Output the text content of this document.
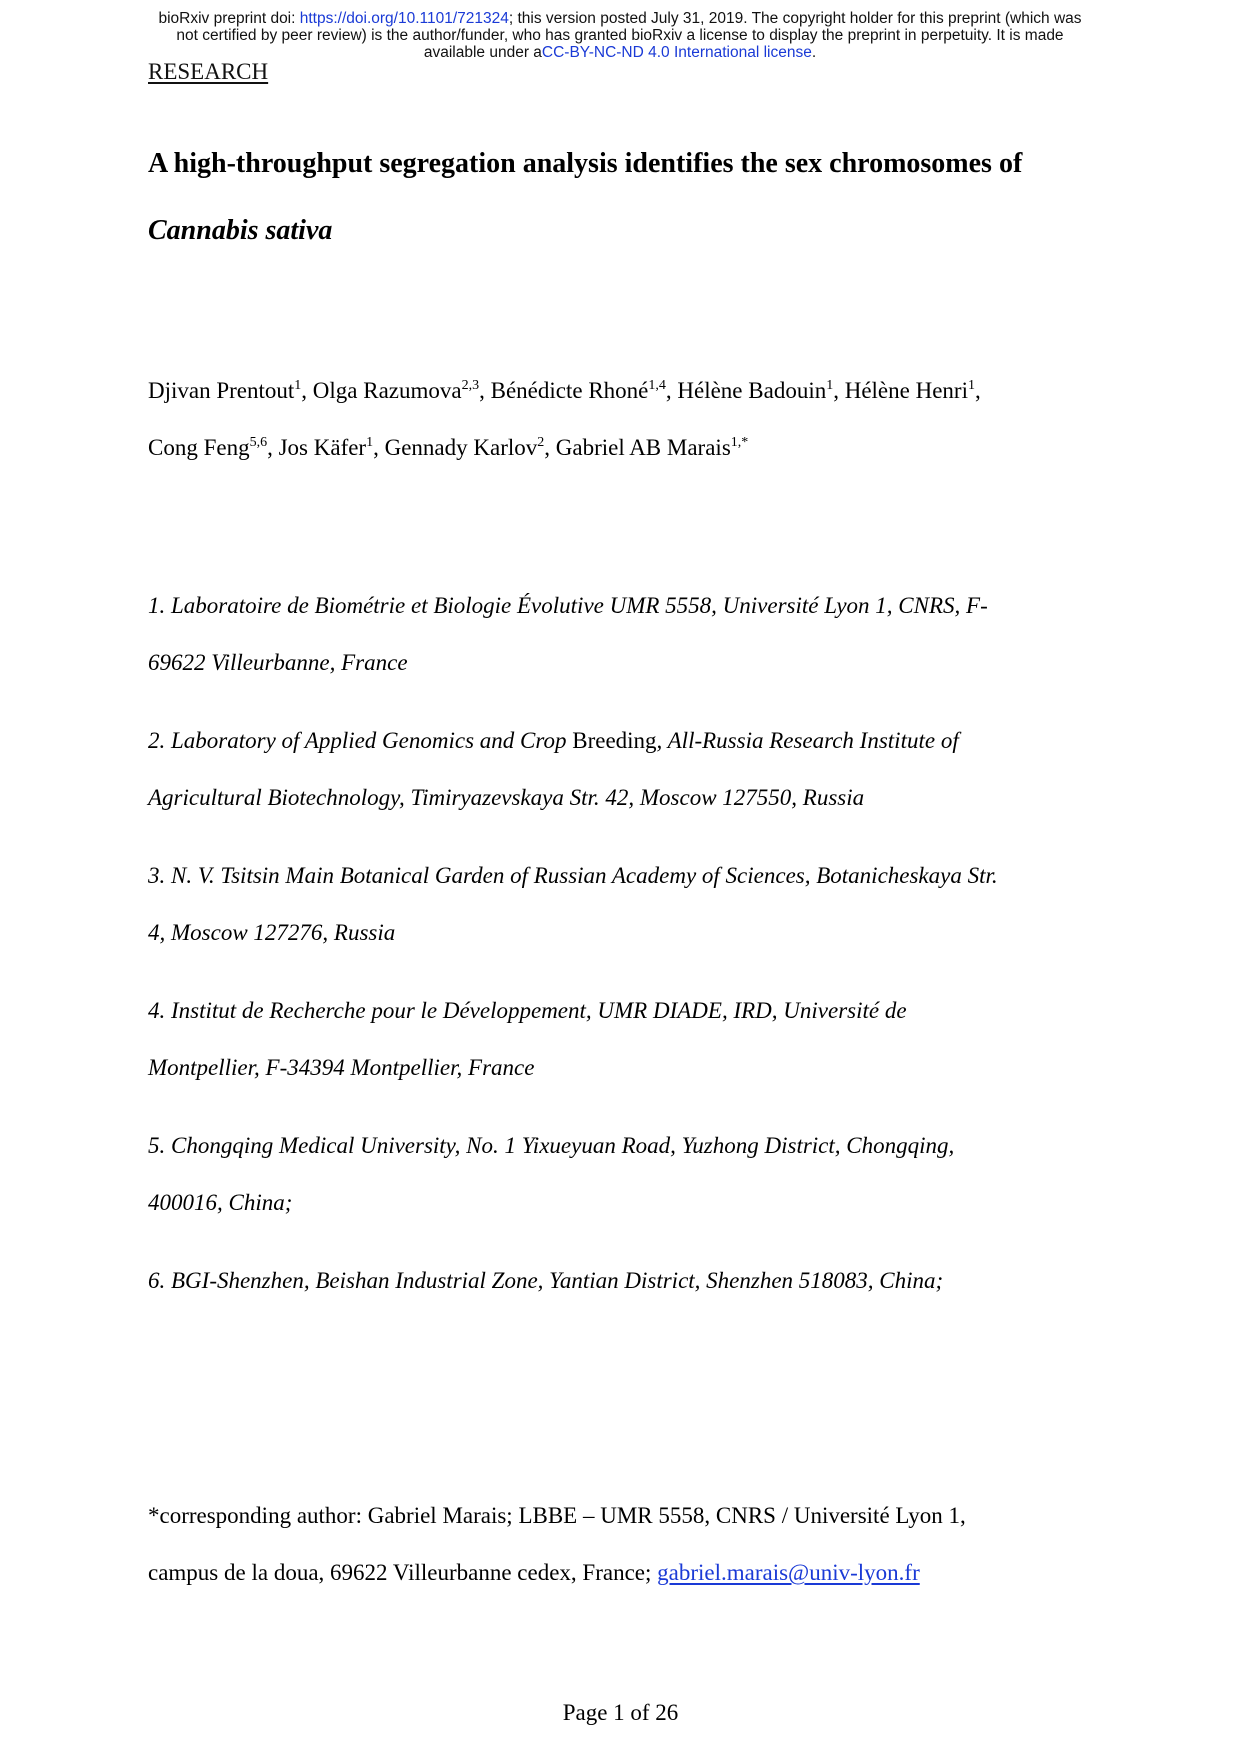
bioRxiv preprint doi: https://doi.org/10.1101/721324; this version posted July 31, 2019. The copyright holder for this preprint (which was
not certified by peer review) is the author/funder, who has granted bioRxiv a license to display the preprint in perpetuity. It is made
available under aCC-BY-NC-ND 4.0 International license.
RESEARCH
A high-throughput segregation analysis identifies the sex chromosomes of
Cannabis sativa
Djivan Prentout$^1$, Olga Razumova$^{2,3}$, Bénédicte Rhoné$^{1,4}$, Hélène Badouin$^1$, Hélène Henri$^1$,
Cong Feng$^{5,6}$, Jos Käfer$^1$, Gennady Karlov$^2$, Gabriel AB Marais$^{1,*}$
1. Laboratoire de Biométrie et Biologie Évolutive UMR 5558, Université Lyon 1, CNRS, F-
69622 Villeurbanne, France
2. Laboratory of Applied Genomics and Crop Breeding, All-Russia Research Institute of
Agricultural Biotechnology, Timiryazevskaya Str. 42, Moscow 127550, Russia
3. N. V. Tsitsin Main Botanical Garden of Russian Academy of Sciences, Botanicheskaya Str.
4, Moscow 127276, Russia
4. Institut de Recherche pour le Développement, UMR DIADE, IRD, Université de
Montpellier, F-34394 Montpellier, France
5. Chongqing Medical University, No. 1 Yixueyuan Road, Yuzhong District, Chongqing,
400016, China;
6. BGI-Shenzhen, Beishan Industrial Zone, Yantian District, Shenzhen 518083, China;
*corresponding author: Gabriel Marais; LBBE – UMR 5558, CNRS / Université Lyon 1,
campus de la doua, 69622 Villeurbanne cedex, France; gabriel.marais@univ-lyon.fr
Page 1 of 26
